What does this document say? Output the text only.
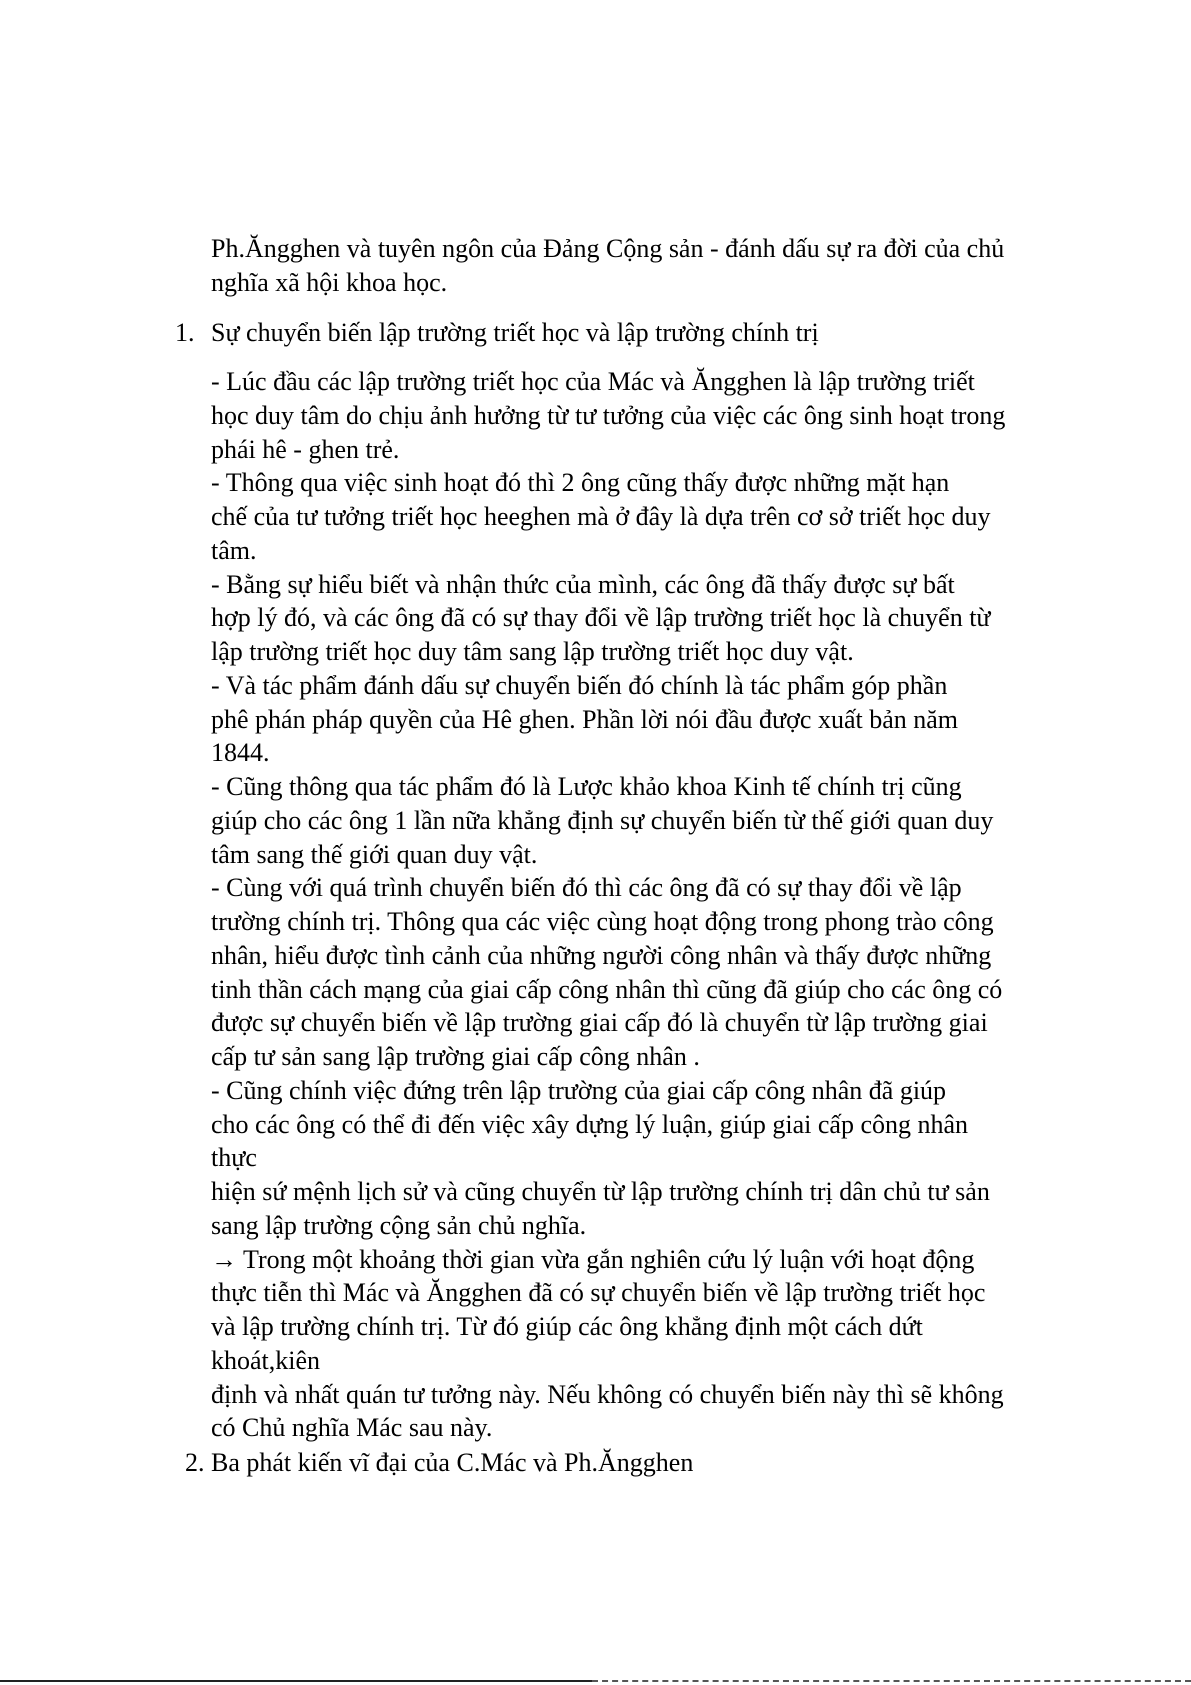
Ph.Ăngghen và tuyên ngôn của Đảng Cộng sản - đánh dấu sự ra đời của chủ
nghĩa xã hội khoa học.
1. Sự chuyển biến lập trường triết học và lập trường chính trị
- Lúc đầu các lập trường triết học của Mác và Ăngghen là lập trường triết
học duy tâm do chịu ảnh hưởng từ tư tưởng của việc các ông sinh hoạt trong
phái hê - ghen trẻ.
- Thông qua việc sinh hoạt đó thì 2 ông cũng thấy được những mặt hạn
chế của tư tưởng triết học heeghen mà ở đây là dựa trên cơ sở triết học duy
tâm.
- Bằng sự hiểu biết và nhận thức của mình, các ông đã thấy được sự bất
hợp lý đó, và các ông đã có sự thay đổi về lập trường triết học là chuyển từ
lập trường triết học duy tâm sang lập trường triết học duy vật.
- Và tác phẩm đánh dấu sự chuyển biến đó chính là tác phẩm góp phần
phê phán pháp quyền của Hê ghen. Phần lời nói đầu được xuất bản năm
1844.
- Cũng thông qua tác phẩm đó là Lược khảo khoa Kinh tế chính trị cũng
giúp cho các ông 1 lần nữa khẳng định sự chuyển biến từ thế giới quan duy
tâm sang thế giới quan duy vật.
- Cùng với quá trình chuyển biến đó thì các ông đã có sự thay đổi về lập
trường chính trị. Thông qua các việc cùng hoạt động trong phong trào công
nhân, hiểu được tình cảnh của những người công nhân và thấy được những
tinh thần cách mạng của giai cấp công nhân thì cũng đã giúp cho các ông có
được sự chuyển biến về lập trường giai cấp đó là chuyển từ lập trường giai
cấp tư sản sang lập trường giai cấp công nhân .
- Cũng chính việc đứng trên lập trường của giai cấp công nhân đã giúp
cho các ông có thể đi đến việc xây dựng lý luận, giúp giai cấp công nhân
thực
hiện sứ mệnh lịch sử và cũng chuyển từ lập trường chính trị dân chủ tư sản
sang lập trường cộng sản chủ nghĩa.
→ Trong một khoảng thời gian vừa gắn nghiên cứu lý luận với hoạt động
thực tiễn thì Mác và Ăngghen đã có sự chuyển biến về lập trường triết học
và lập trường chính trị. Từ đó giúp các ông khẳng định một cách dứt
khoát,kiên
định và nhất quán tư tưởng này. Nếu không có chuyển biến này thì sẽ không
có Chủ nghĩa Mác sau này.
2. Ba phát kiến vĩ đại của C.Mác và Ph.Ăngghen
